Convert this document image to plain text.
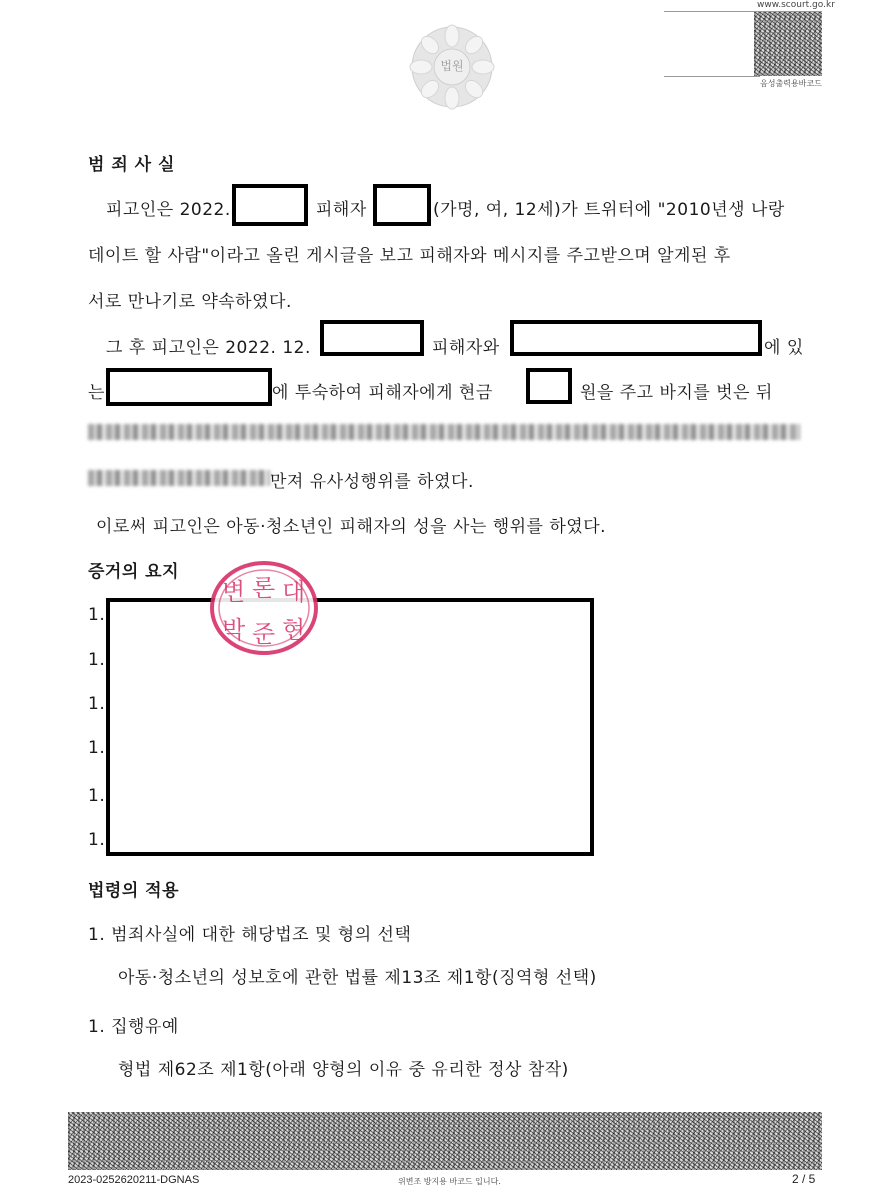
법원
www.scourt.go.kr
음성출력용바코드
범 죄 사 실
피고인은 2022.	피해자	(가명, 여, 12세)가 트위터에 "2010년생 나랑
데이트 할 사람"이라고 올린 게시글을 보고 피해자와 메시지를 주고받으며 알게된 후
서로 만나기로 약속하였다.
그 후 피고인은 2022. 12.	피해자와	에 있
는	에 투숙하여 피해자에게 현금	원을 주고 바지를 벗은 뒤
만져 유사성행위를 하였다.
이로써 피고인은 아동·청소년인 피해자의 성을 사는 행위를 하였다.
증거의 요지
1.
1.
1.
1.
1.
1.
변 론 대
박 준 현
법령의 적용
1. 범죄사실에 대한 해당법조 및 형의 선택
아동·청소년의 성보호에 관한 법률 제13조 제1항(징역형 선택)
1. 집행유예
형법 제62조 제1항(아래 양형의 이유 중 유리한 정상 참작)
2023-0252620211-DGNAS	위변조 방지용 바코드 입니다.	2 / 5
